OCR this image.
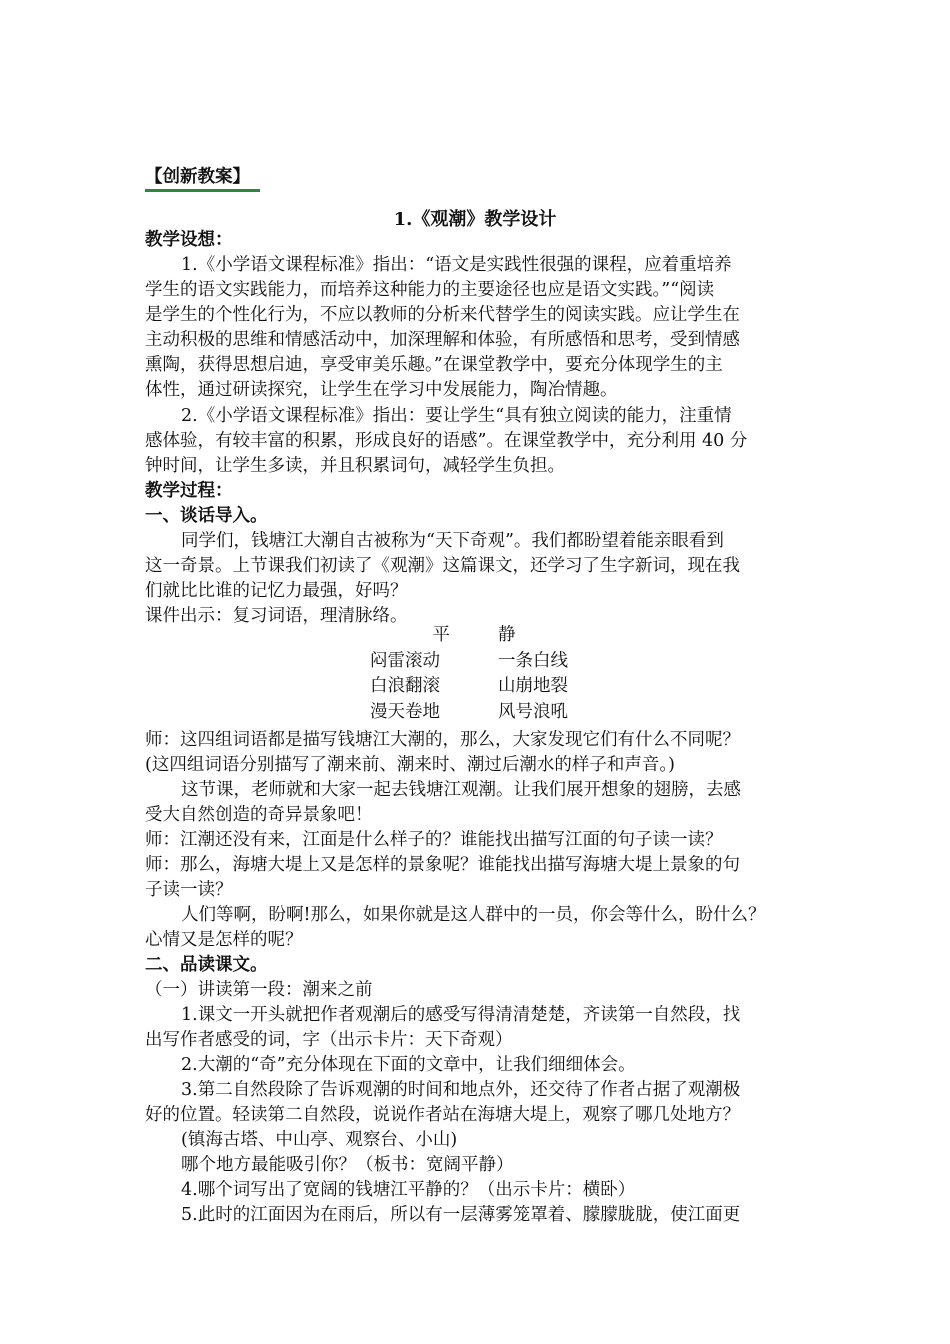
【创新教案】
1.《观潮》教学设计
教学设想：
1.《小学语文课程标准》指出：“语文是实践性很强的课程，应着重培养
学生的语文实践能力，而培养这种能力的主要途径也应是语文实践。”“阅读
是学生的个性化行为，不应以教师的分析来代替学生的阅读实践。应让学生在
主动积极的思维和情感活动中，加深理解和体验，有所感悟和思考，受到情感
熏陶，获得思想启迪，享受审美乐趣。”在课堂教学中，要充分体现学生的主
体性，通过研读探究，让学生在学习中发展能力，陶冶情趣。
2.《小学语文课程标准》指出：要让学生“具有独立阅读的能力，注重情
感体验，有较丰富的积累，形成良好的语感”。在课堂教学中，充分利用 40 分
钟时间，让学生多读，并且积累词句，减轻学生负担。
教学过程：
一、谈话导入。
同学们，钱塘江大潮自古被称为“天下奇观”。我们都盼望着能亲眼看到
这一奇景。上节课我们初读了《观潮》这篇课文，还学习了生字新词，现在我
们就比比谁的记忆力最强，好吗？
课件出示：复习词语，理清脉络。
师：这四组词语都是描写钱塘江大潮的，那么，大家发现它们有什么不同呢？
(这四组词语分别描写了潮来前、潮来时、潮过后潮水的样子和声音。)
这节课，老师就和大家一起去钱塘江观潮。让我们展开想象的翅膀，去感
受大自然创造的奇异景象吧！
师：江潮还没有来，江面是什么样子的？谁能找出描写江面的句子读一读？
师：那么，海塘大堤上又是怎样的景象呢？谁能找出描写海塘大堤上景象的句
子读一读？
人们等啊，盼啊!那么，如果你就是这人群中的一员，你会等什么，盼什么？
心情又是怎样的呢？
二、品读课文。
（一）讲读第一段：潮来之前
1.课文一开头就把作者观潮后的感受写得清清楚楚，齐读第一自然段，找
出写作者感受的词，字（出示卡片：天下奇观）
2.大潮的“奇”充分体现在下面的文章中，让我们细细体会。
3.第二自然段除了告诉观潮的时间和地点外，还交待了作者占据了观潮极
好的位置。轻读第二自然段，说说作者站在海塘大堤上，观察了哪几处地方？
(镇海古塔、中山亭、观察台、小山)
哪个地方最能吸引你？（板书：宽阔平静）
4.哪个词写出了宽阔的钱塘江平静的？（出示卡片：横卧）
5.此时的江面因为在雨后，所以有一层薄雾笼罩着、朦朦胧胧，使江面更
平	静
闷雷滚动	一条白线
白浪翻滚	山崩地裂
漫天卷地	风号浪吼
